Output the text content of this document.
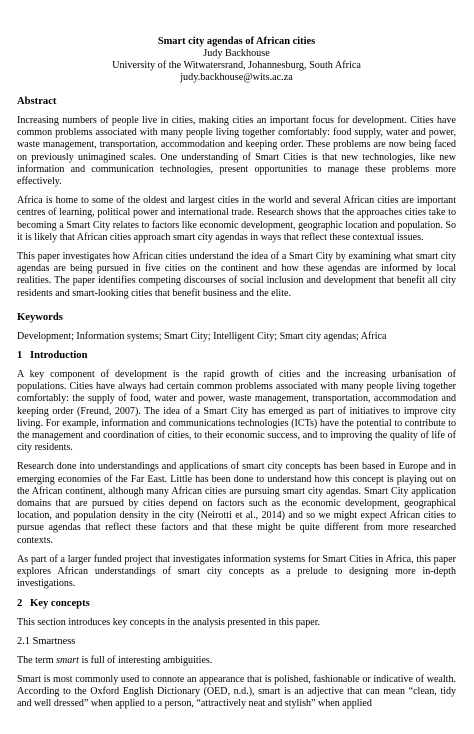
Smart city agendas of African cities

Judy Backhouse

University of the Witwatersrand, Johannesburg, South Africa

judy.backhouse@wits.ac.za

Abstract

Increasing numbers of people live in cities, making cities an important focus for development. Cities have common problems associated with many people living together comfortably: food supply, water and power, waste management, transportation, accommodation and keeping order. These problems are now being faced on previously unimagined scales. One understanding of Smart Cities is that new technologies, like new information and communication technologies, present opportunities to manage these problems more effectively.

Africa is home to some of the oldest and largest cities in the world and several African cities are important centres of learning, political power and international trade. Research shows that the approaches cities take to becoming a Smart City relates to factors like economic development, geographic location and population. So it is likely that African cities approach smart city agendas in ways that reflect these contextual issues.

This paper investigates how African cities understand the idea of a Smart City by examining what smart city agendas are being pursued in five cities on the continent and how these agendas are informed by local realities. The paper identifies competing discourses of social inclusion and development that benefit all city residents and smart-looking cities that benefit business and the elite.

Keywords

Development; Information systems; Smart City; Intelligent City; Smart city agendas; Africa

1 Introduction

A key component of development is the rapid growth of cities and the increasing urbanisation of populations. Cities have always had certain common problems associated with many people living together comfortably: the supply of food, water and power, waste management, transportation, accommodation and keeping order (Freund, 2007). The idea of a Smart City has emerged as part of initiatives to improve city living. For example, information and communications technologies (ICTs) have the potential to contribute to the management and coordination of cities, to their economic success, and to improving the quality of life of city residents.

Research done into understandings and applications of smart city concepts has been based in Europe and in emerging economies of the Far East. Little has been done to understand how this concept is playing out on the African continent, although many African cities are pursuing smart city agendas. Smart City application domains that are pursued by cities depend on factors such as the economic development, geographical location, and population density in the city (Neirotti et al., 2014) and so we might expect African cities to pursue agendas that reflect these factors and that these might be quite different from more researched contexts.

As part of a larger funded project that investigates information systems for Smart Cities in Africa, this paper explores African understandings of smart city concepts as a prelude to designing more in-depth investigations.

2 Key concepts

This section introduces key concepts in the analysis presented in this paper.

2.1 Smartness

The term smart is full of interesting ambiguities.

Smart is most commonly used to connote an appearance that is polished, fashionable or indicative of wealth. According to the Oxford English Dictionary (OED, n.d.), smart is an adjective that can mean “clean, tidy and well dressed” when applied to a person, “attractively neat and stylish” when applied
